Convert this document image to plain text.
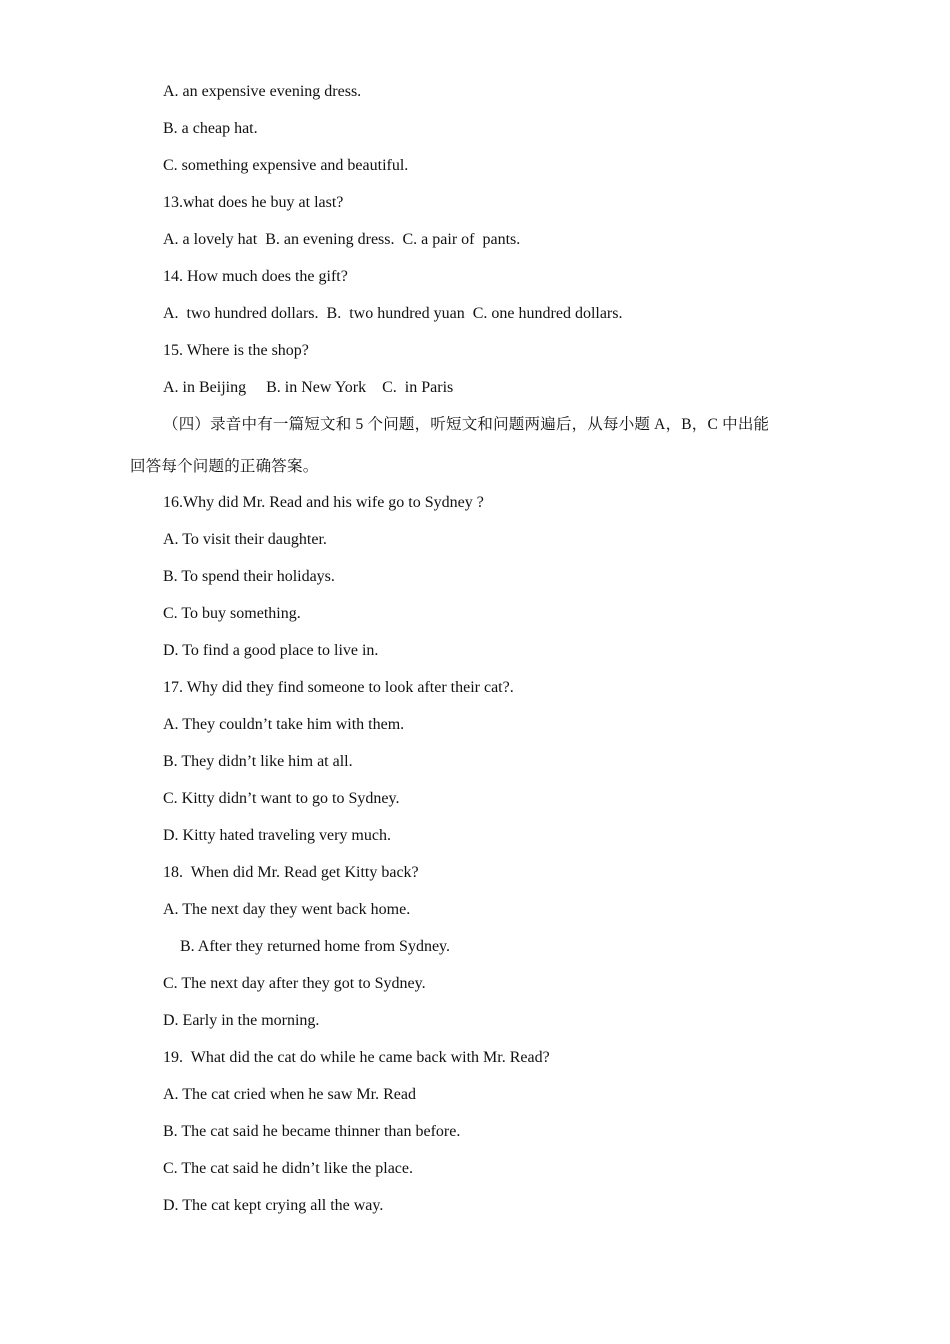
A. an expensive evening dress.
B. a cheap hat.
C. something expensive and beautiful.
13.what does he buy at last?
A. a lovely hat  B. an evening dress.  C. a pair of  pants.
14. How much does the gift?
A.  two hundred dollars.  B.  two hundred yuan  C. one hundred dollars.
15. Where is the shop?
A. in Beijing     B. in New York    C.  in Paris
（四）录音中有一篇短文和 5 个问题，听短文和问题两遍后，从每小题 A，B，C 中出能
回答每个问题的正确答案。
16.Why did Mr. Read and his wife go to Sydney ?
A. To visit their daughter.
B. To spend their holidays.
C. To buy something.
D. To find a good place to live in.
17. Why did they find someone to look after their cat?.
A. They couldn’t take him with them.
B. They didn’t like him at all.
C. Kitty didn’t want to go to Sydney.
D. Kitty hated traveling very much.
18.  When did Mr. Read get Kitty back?
A. The next day they went back home.
B. After they returned home from Sydney.
C. The next day after they got to Sydney.
D. Early in the morning.
19.  What did the cat do while he came back with Mr. Read?
A. The cat cried when he saw Mr. Read
B. The cat said he became thinner than before.
C. The cat said he didn’t like the place.
D. The cat kept crying all the way.
